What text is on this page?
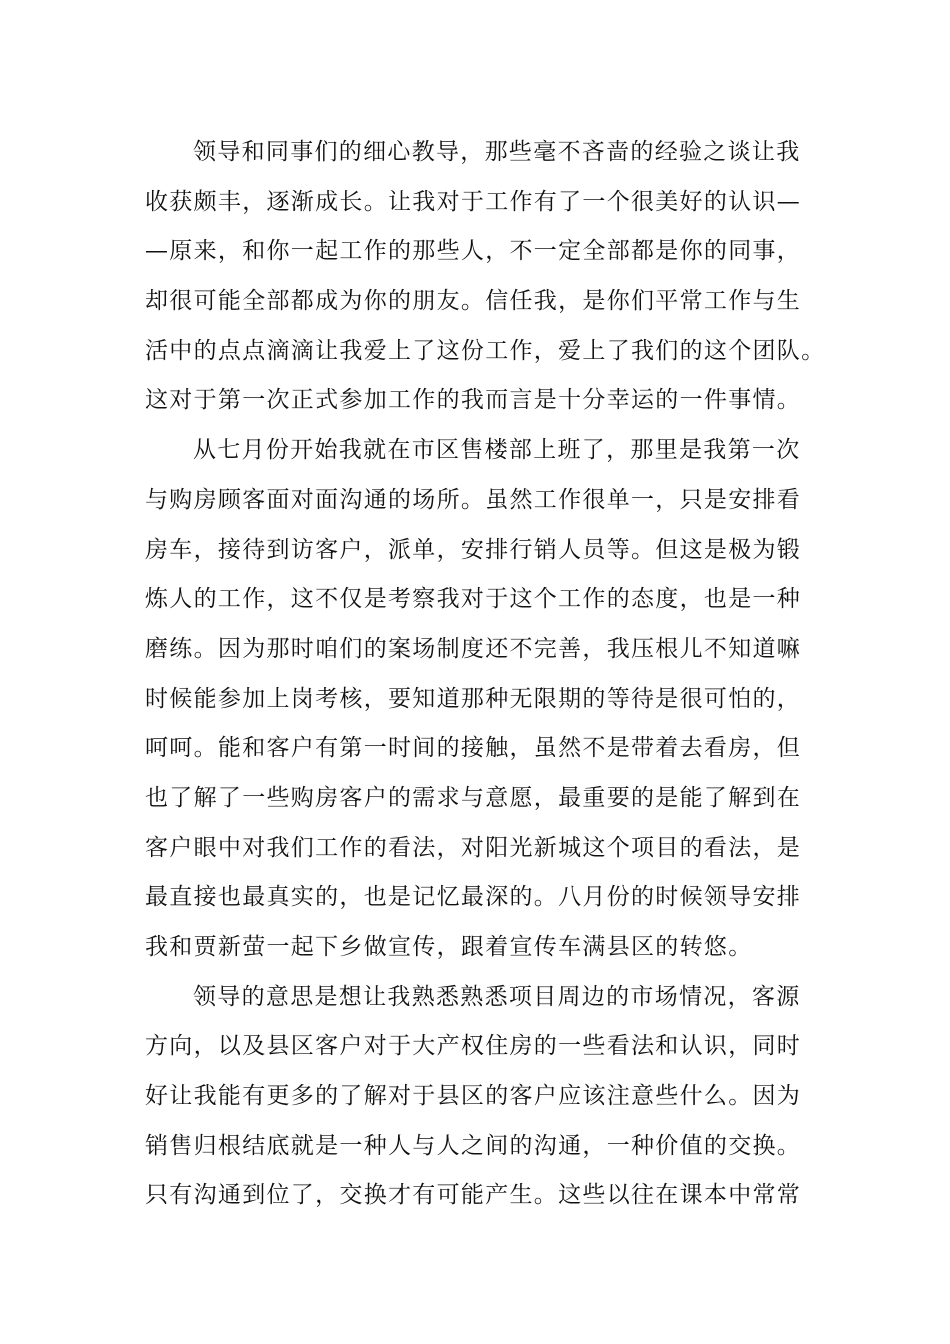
领导和同事们的细心教导，那些毫不吝啬的经验之谈让我
收获颇丰，逐渐成长。让我对于工作有了一个很美好的认识—
—原来，和你一起工作的那些人，不一定全部都是你的同事，
却很可能全部都成为你的朋友。信任我，是你们平常工作与生
活中的点点滴滴让我爱上了这份工作，爱上了我们的这个团队。
这对于第一次正式参加工作的我而言是十分幸运的一件事情。
从七月份开始我就在市区售楼部上班了，那里是我第一次
与购房顾客面对面沟通的场所。虽然工作很单一，只是安排看
房车，接待到访客户，派单，安排行销人员等。但这是极为锻
炼人的工作，这不仅是考察我对于这个工作的态度，也是一种
磨练。因为那时咱们的案场制度还不完善，我压根儿不知道嘛
时候能参加上岗考核，要知道那种无限期的等待是很可怕的，
呵呵。能和客户有第一时间的接触，虽然不是带着去看房，但
也了解了一些购房客户的需求与意愿，最重要的是能了解到在
客户眼中对我们工作的看法，对阳光新城这个项目的看法，是
最直接也最真实的，也是记忆最深的。八月份的时候领导安排
我和贾新萤一起下乡做宣传，跟着宣传车满县区的转悠。
领导的意思是想让我熟悉熟悉项目周边的市场情况，客源
方向，以及县区客户对于大产权住房的一些看法和认识，同时
好让我能有更多的了解对于县区的客户应该注意些什么。因为
销售归根结底就是一种人与人之间的沟通，一种价值的交换。
只有沟通到位了，交换才有可能产生。这些以往在课本中常常
